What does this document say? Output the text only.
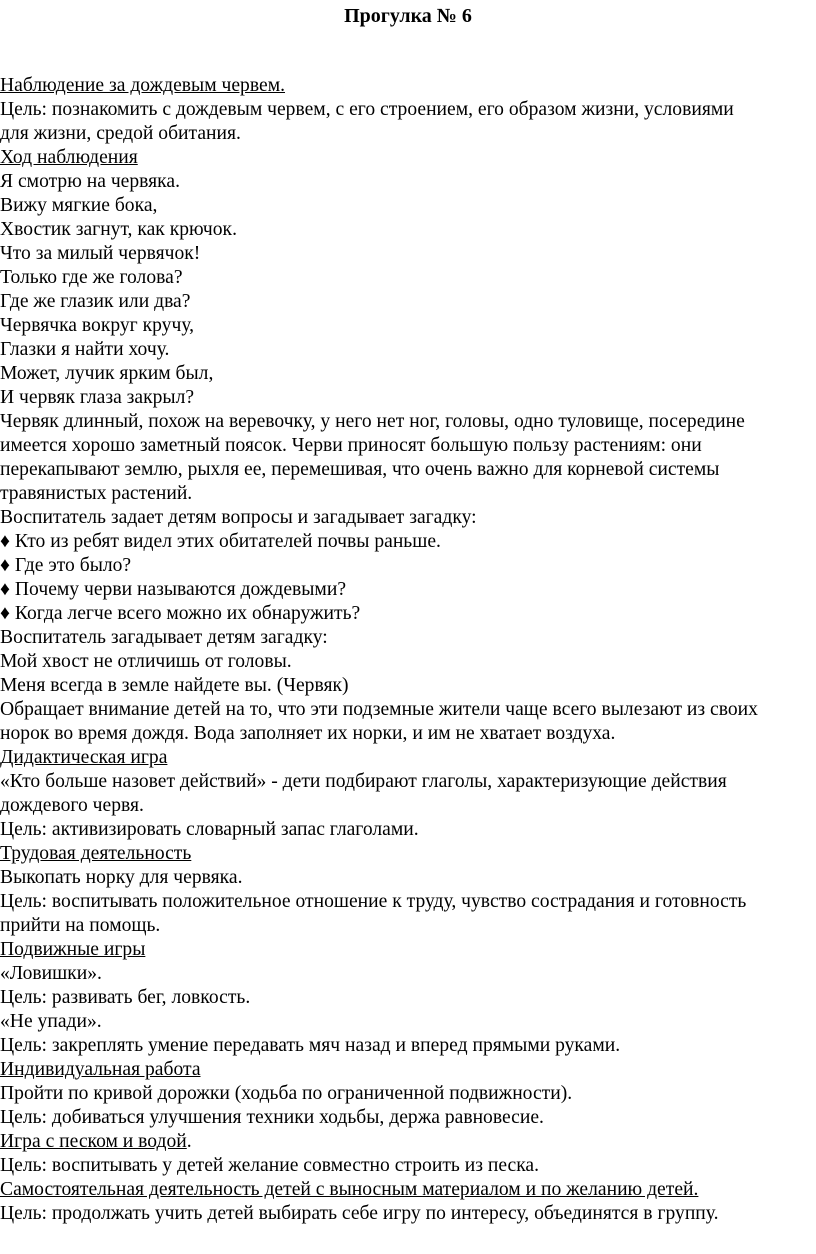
Прогулка № 6
Наблюдение за дождевым червем.
Цель: познакомить с дождевым червем, с его строением, его образом жизни, условиями
для жизни, средой обитания.
Ход наблюдения
Я смотрю на червяка.
Вижу мягкие бока,
Хвостик загнут, как крючок.
Что за милый червячок!
Только где же голова?
Где же глазик или два?
Червячка вокруг кручу,
Глазки я найти хочу.
Может, лучик ярким был,
И червяк глаза закрыл?
Червяк длинный, похож на веревочку, у него нет ног, головы, одно туловище, посередине
имеется хорошо заметный поясок. Черви приносят большую пользу растениям: они
перекапывают землю, рыхля ее, перемешивая, что очень важно для корневой системы
травянистых растений.
Воспитатель задает детям вопросы и загадывает загадку:
♦ Кто из ребят видел этих обитателей почвы раньше.
♦ Где это было?
♦ Почему черви называются дождевыми?
♦ Когда легче всего можно их обнаружить?
Воспитатель загадывает детям загадку:
Мой хвост не отличишь от головы.
Меня всегда в земле найдете вы. (Червяк)
Обращает внимание детей на то, что эти подземные жители чаще всего вылезают из своих
норок во время дождя. Вода заполняет их норки, и им не хватает воздуха.
Дидактическая игра
«Кто больше назовет действий» - дети подбирают глаголы, характеризующие действия
дождевого червя.
Цель: активизировать словарный запас глаголами.
Трудовая деятельность
Выкопать норку для червяка.
Цель: воспитывать положительное отношение к труду, чувство сострадания и готовность
прийти на помощь.
Подвижные игры
«Ловишки».
Цель: развивать бег, ловкость.
«Не упади».
Цель: закреплять умение передавать мяч назад и вперед прямыми руками.
Индивидуальная работа
Пройти по кривой дорожки (ходьба по ограниченной подвижности).
Цель: добиваться улучшения техники ходьбы, держа равновесие.
Игра с песком и водой.
Цель: воспитывать у детей желание совместно строить из песка.
Самостоятельная деятельность детей с выносным материалом и по желанию детей.
Цель: продолжать учить детей выбирать себе игру по интересу, объединятся в группу.
